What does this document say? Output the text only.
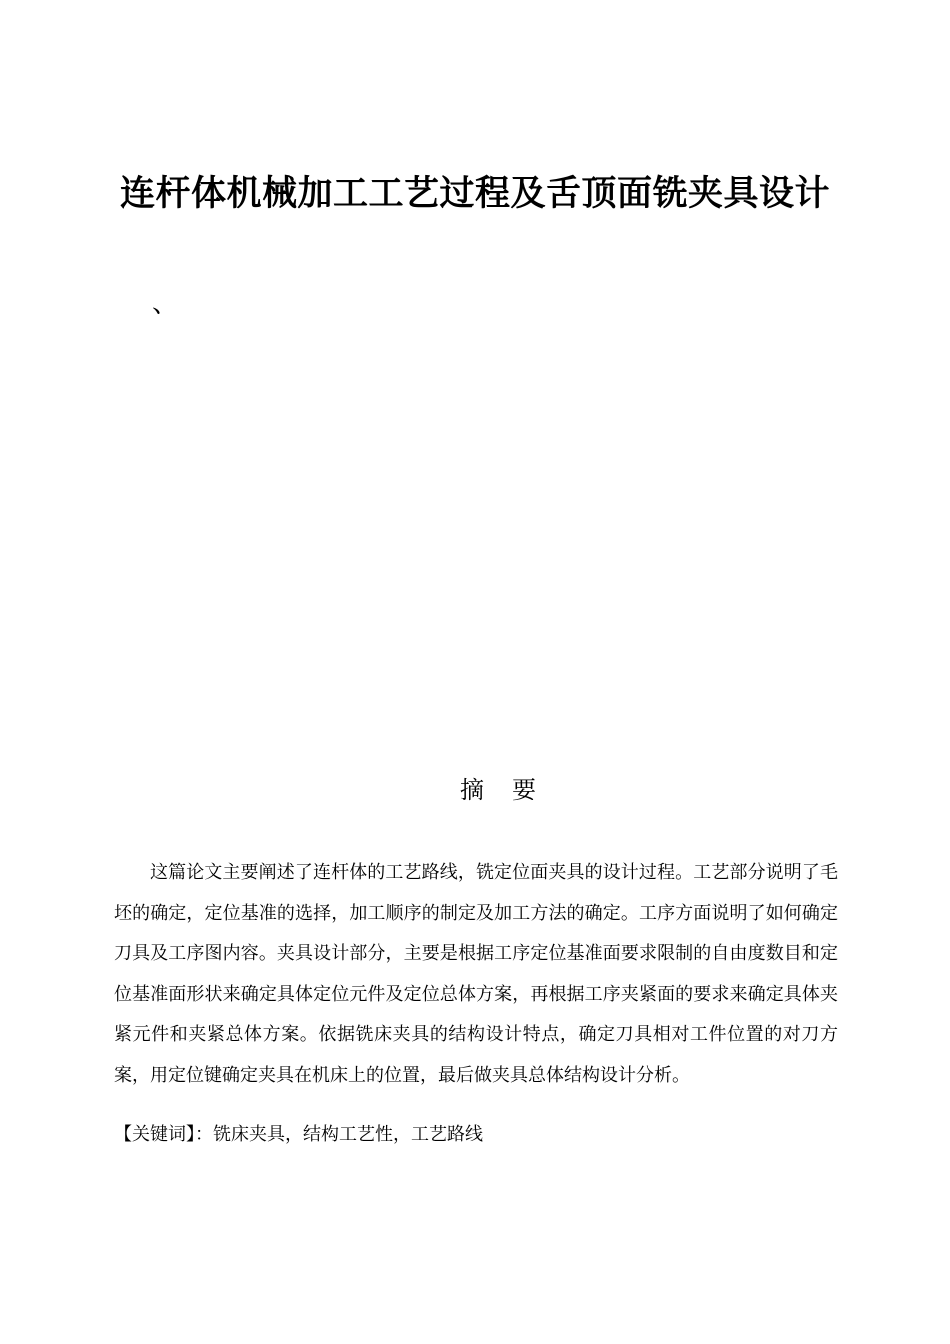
连杆体机械加工工艺过程及舌顶面铣夹具设计
、
摘要

这篇论文主要阐述了连杆体的工艺路线，铣定位面夹具的设计过程。工艺部分说明了毛坯的确定，定位基准的选择，加工顺序的制定及加工方法的确定。工序方面说明了如何确定刀具及工序图内容。夹具设计部分，主要是根据工序定位基准面要求限制的自由度数目和定位基准面形状来确定具体定位元件及定位总体方案，再根据工序夹紧面的要求来确定具体夹紧元件和夹紧总体方案。依据铣床夹具的结构设计特点，确定刀具相对工件位置的对刀方案，用定位键确定夹具在机床上的位置，最后做夹具总体结构设计分析。

【关键词】：铣床夹具，结构工艺性，工艺路线
